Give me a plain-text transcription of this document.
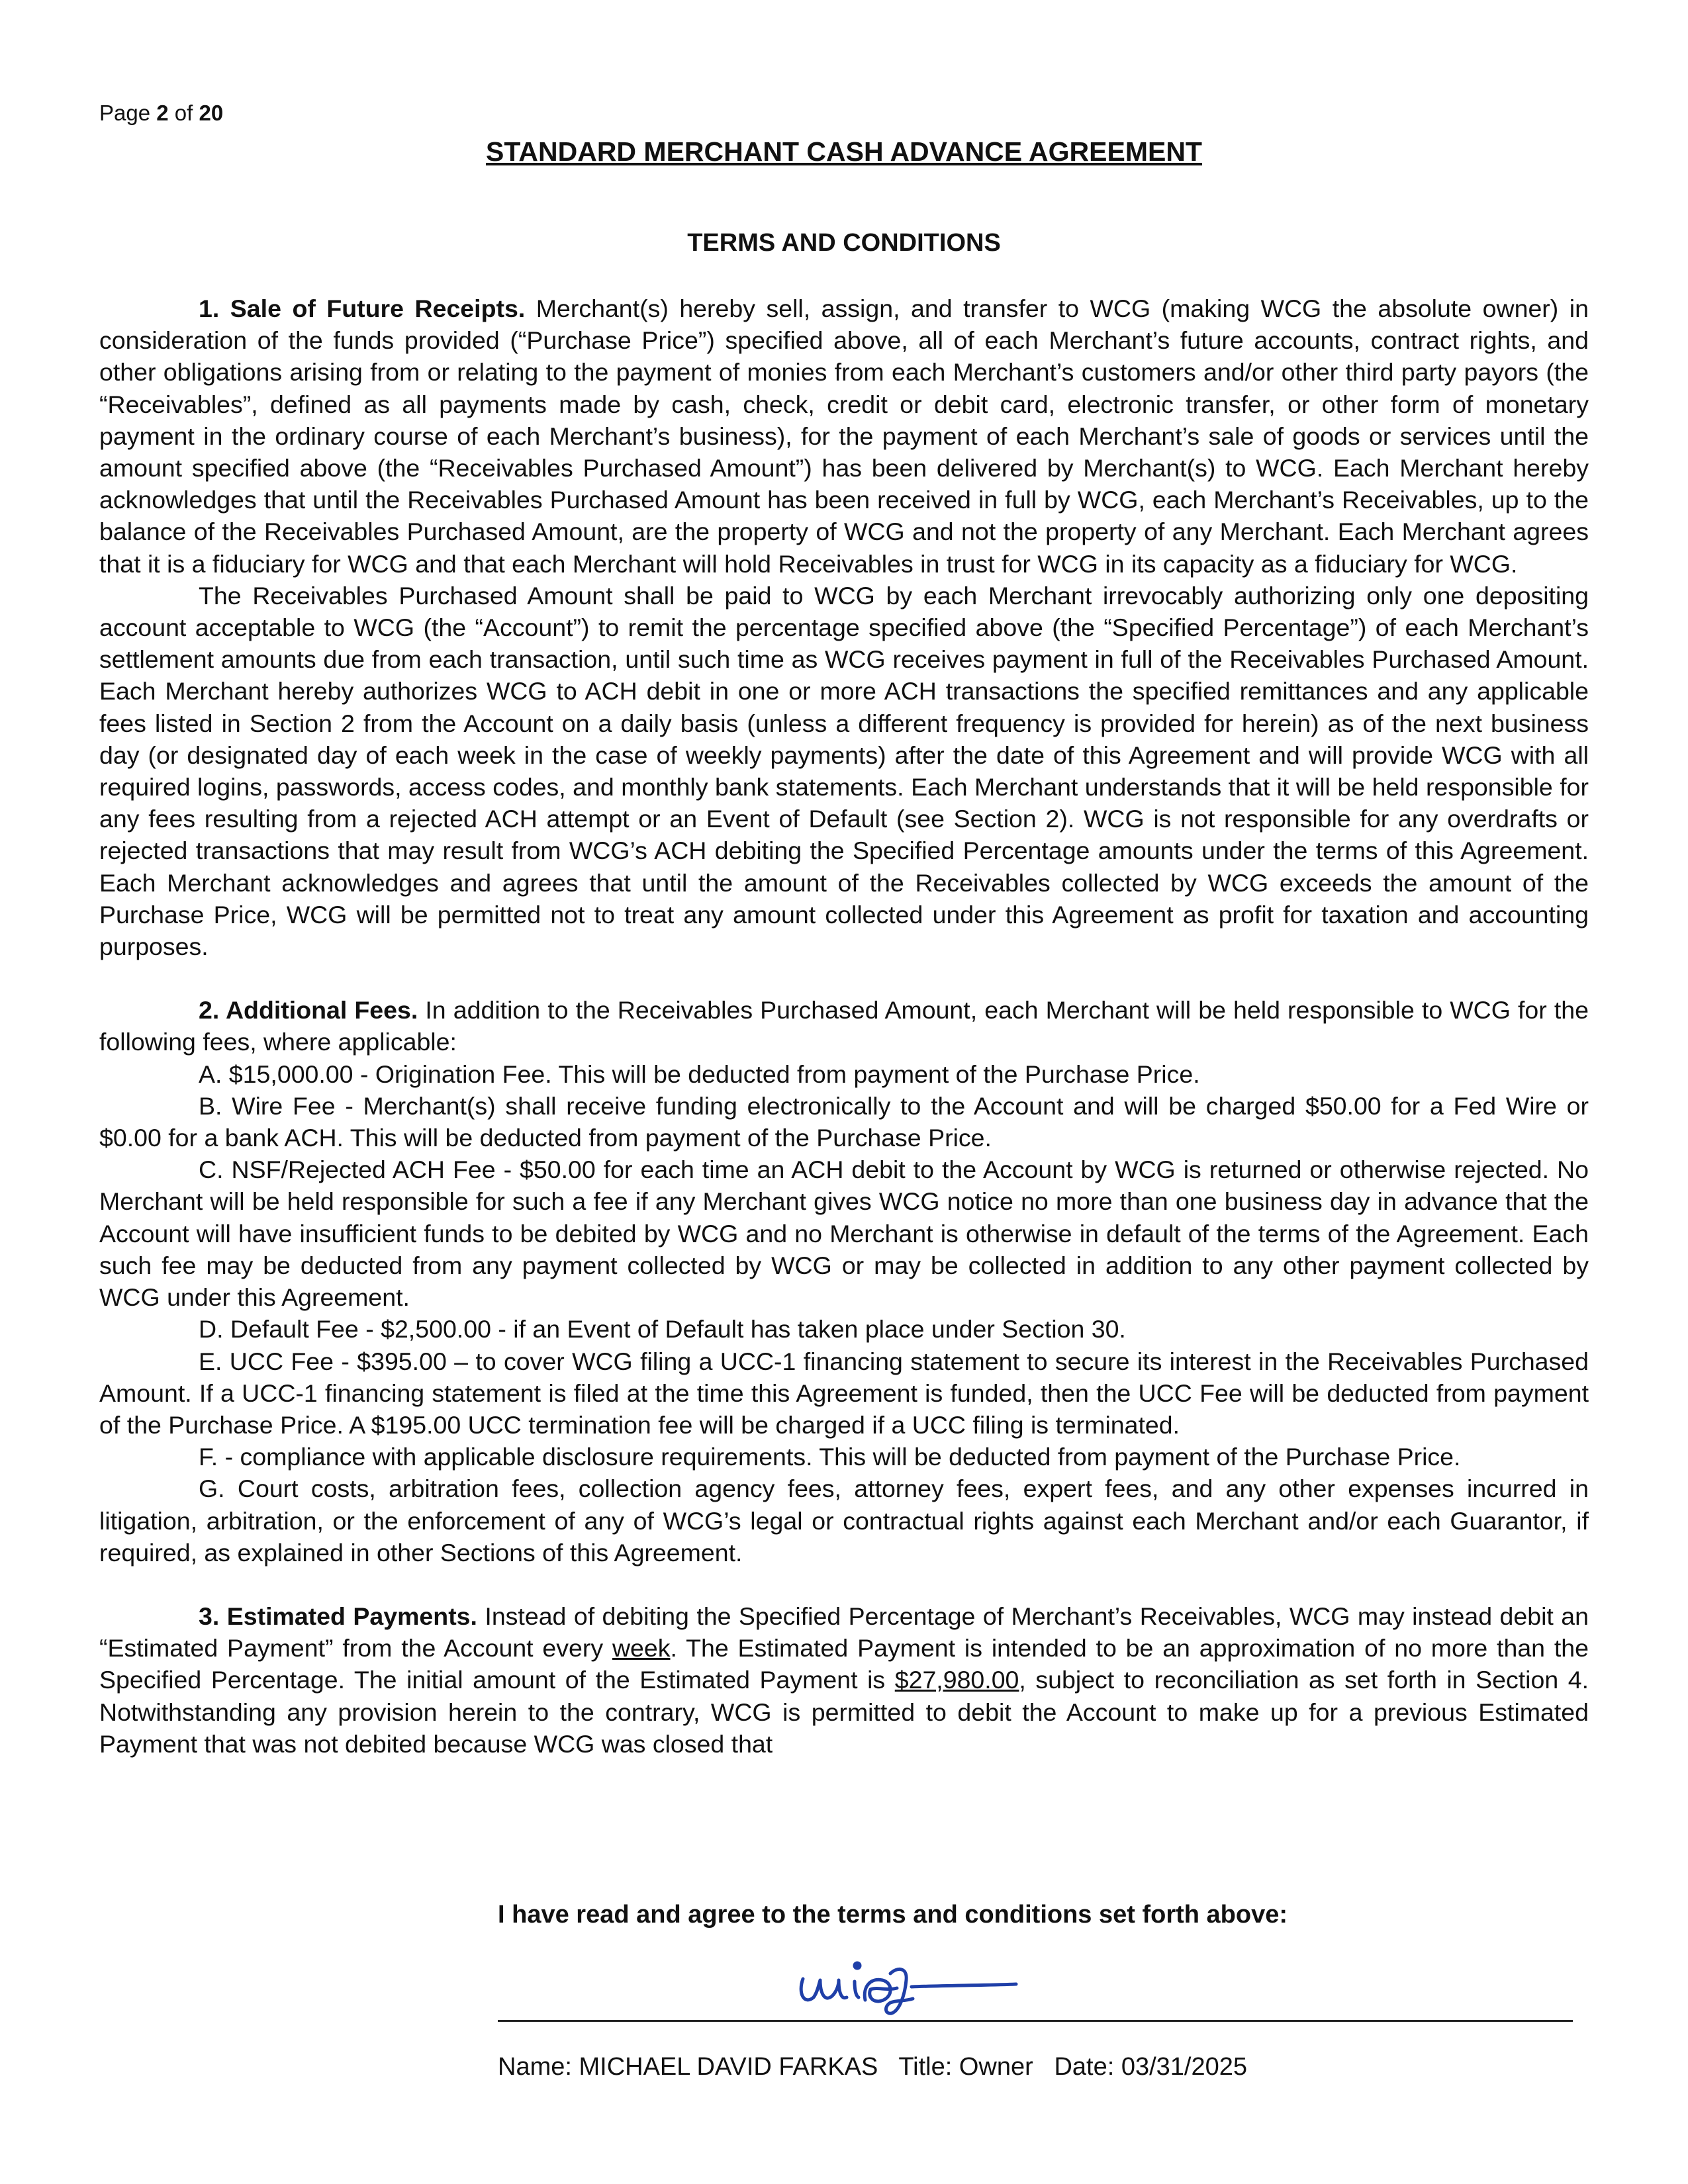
Page 2 of 20
STANDARD MERCHANT CASH ADVANCE AGREEMENT
TERMS AND CONDITIONS

1. Sale of Future Receipts. Merchant(s) hereby sell, assign, and transfer to WCG (making WCG the absolute owner) in consideration of the funds provided (“Purchase Price”) specified above, all of each Merchant’s future accounts, contract rights, and other obligations arising from or relating to the payment of monies from each Merchant’s customers and/or other third party payors (the “Receivables”, defined as all payments made by cash, check, credit or debit card, electronic transfer, or other form of monetary payment in the ordinary course of each Merchant’s business), for the payment of each Merchant’s sale of goods or services until the amount specified above (the “Receivables Purchased Amount”) has been delivered by Merchant(s) to WCG. Each Merchant hereby acknowledges that until the Receivables Purchased Amount has been received in full by WCG, each Merchant’s Receivables, up to the balance of the Receivables Purchased Amount, are the property of WCG and not the property of any Merchant. Each Merchant agrees that it is a fiduciary for WCG and that each Merchant will hold Receivables in trust for WCG in its capacity as a fiduciary for WCG.

The Receivables Purchased Amount shall be paid to WCG by each Merchant irrevocably authorizing only one depositing account acceptable to WCG (the “Account”) to remit the percentage specified above (the “Specified Percentage”) of each Merchant’s settlement amounts due from each transaction, until such time as WCG receives payment in full of the Receivables Purchased Amount. Each Merchant hereby authorizes WCG to ACH debit in one or more ACH transactions the specified remittances and any applicable fees listed in Section 2 from the Account on a daily basis (unless a different frequency is provided for herein) as of the next business day (or designated day of each week in the case of weekly payments) after the date of this Agreement and will provide WCG with all required logins, passwords, access codes, and monthly bank statements. Each Merchant understands that it will be held responsible for any fees resulting from a rejected ACH attempt or an Event of Default (see Section 2). WCG is not responsible for any overdrafts or rejected transactions that may result from WCG’s ACH debiting the Specified Percentage amounts under the terms of this Agreement. Each Merchant acknowledges and agrees that until the amount of the Receivables collected by WCG exceeds the amount of the Purchase Price, WCG will be permitted not to treat any amount collected under this Agreement as profit for taxation and accounting purposes.

2. Additional Fees. In addition to the Receivables Purchased Amount, each Merchant will be held responsible to WCG for the following fees, where applicable:

A. $15,000.00 - Origination Fee. This will be deducted from payment of the Purchase Price.

B. Wire Fee - Merchant(s) shall receive funding electronically to the Account and will be charged $50.00 for a Fed Wire or $0.00 for a bank ACH. This will be deducted from payment of the Purchase Price.

C. NSF/Rejected ACH Fee - $50.00 for each time an ACH debit to the Account by WCG is returned or otherwise rejected. No Merchant will be held responsible for such a fee if any Merchant gives WCG notice no more than one business day in advance that the Account will have insufficient funds to be debited by WCG and no Merchant is otherwise in default of the terms of the Agreement. Each such fee may be deducted from any payment collected by WCG or may be collected in addition to any other payment collected by WCG under this Agreement.

D. Default Fee - $2,500.00 - if an Event of Default has taken place under Section 30.

E. UCC Fee - $395.00 – to cover WCG filing a UCC-1 financing statement to secure its interest in the Receivables Purchased Amount. If a UCC-1 financing statement is filed at the time this Agreement is funded, then the UCC Fee will be deducted from payment of the Purchase Price. A $195.00 UCC termination fee will be charged if a UCC filing is terminated.

F. - compliance with applicable disclosure requirements. This will be deducted from payment of the Purchase Price.

G. Court costs, arbitration fees, collection agency fees, attorney fees, expert fees, and any other expenses incurred in litigation, arbitration, or the enforcement of any of WCG’s legal or contractual rights against each Merchant and/or each Guarantor, if required, as explained in other Sections of this Agreement.

3. Estimated Payments. Instead of debiting the Specified Percentage of Merchant’s Receivables, WCG may instead debit an “Estimated Payment” from the Account every week. The Estimated Payment is intended to be an approximation of no more than the Specified Percentage. The initial amount of the Estimated Payment is $27,980.00, subject to reconciliation as set forth in Section 4. Notwithstanding any provision herein to the contrary, WCG is permitted to debit the Account to make up for a previous Estimated Payment that was not debited because WCG was closed that

I have read and agree to the terms and conditions set forth above:
Name: MICHAEL DAVID FARKAS   Title: Owner   Date: 03/31/2025
